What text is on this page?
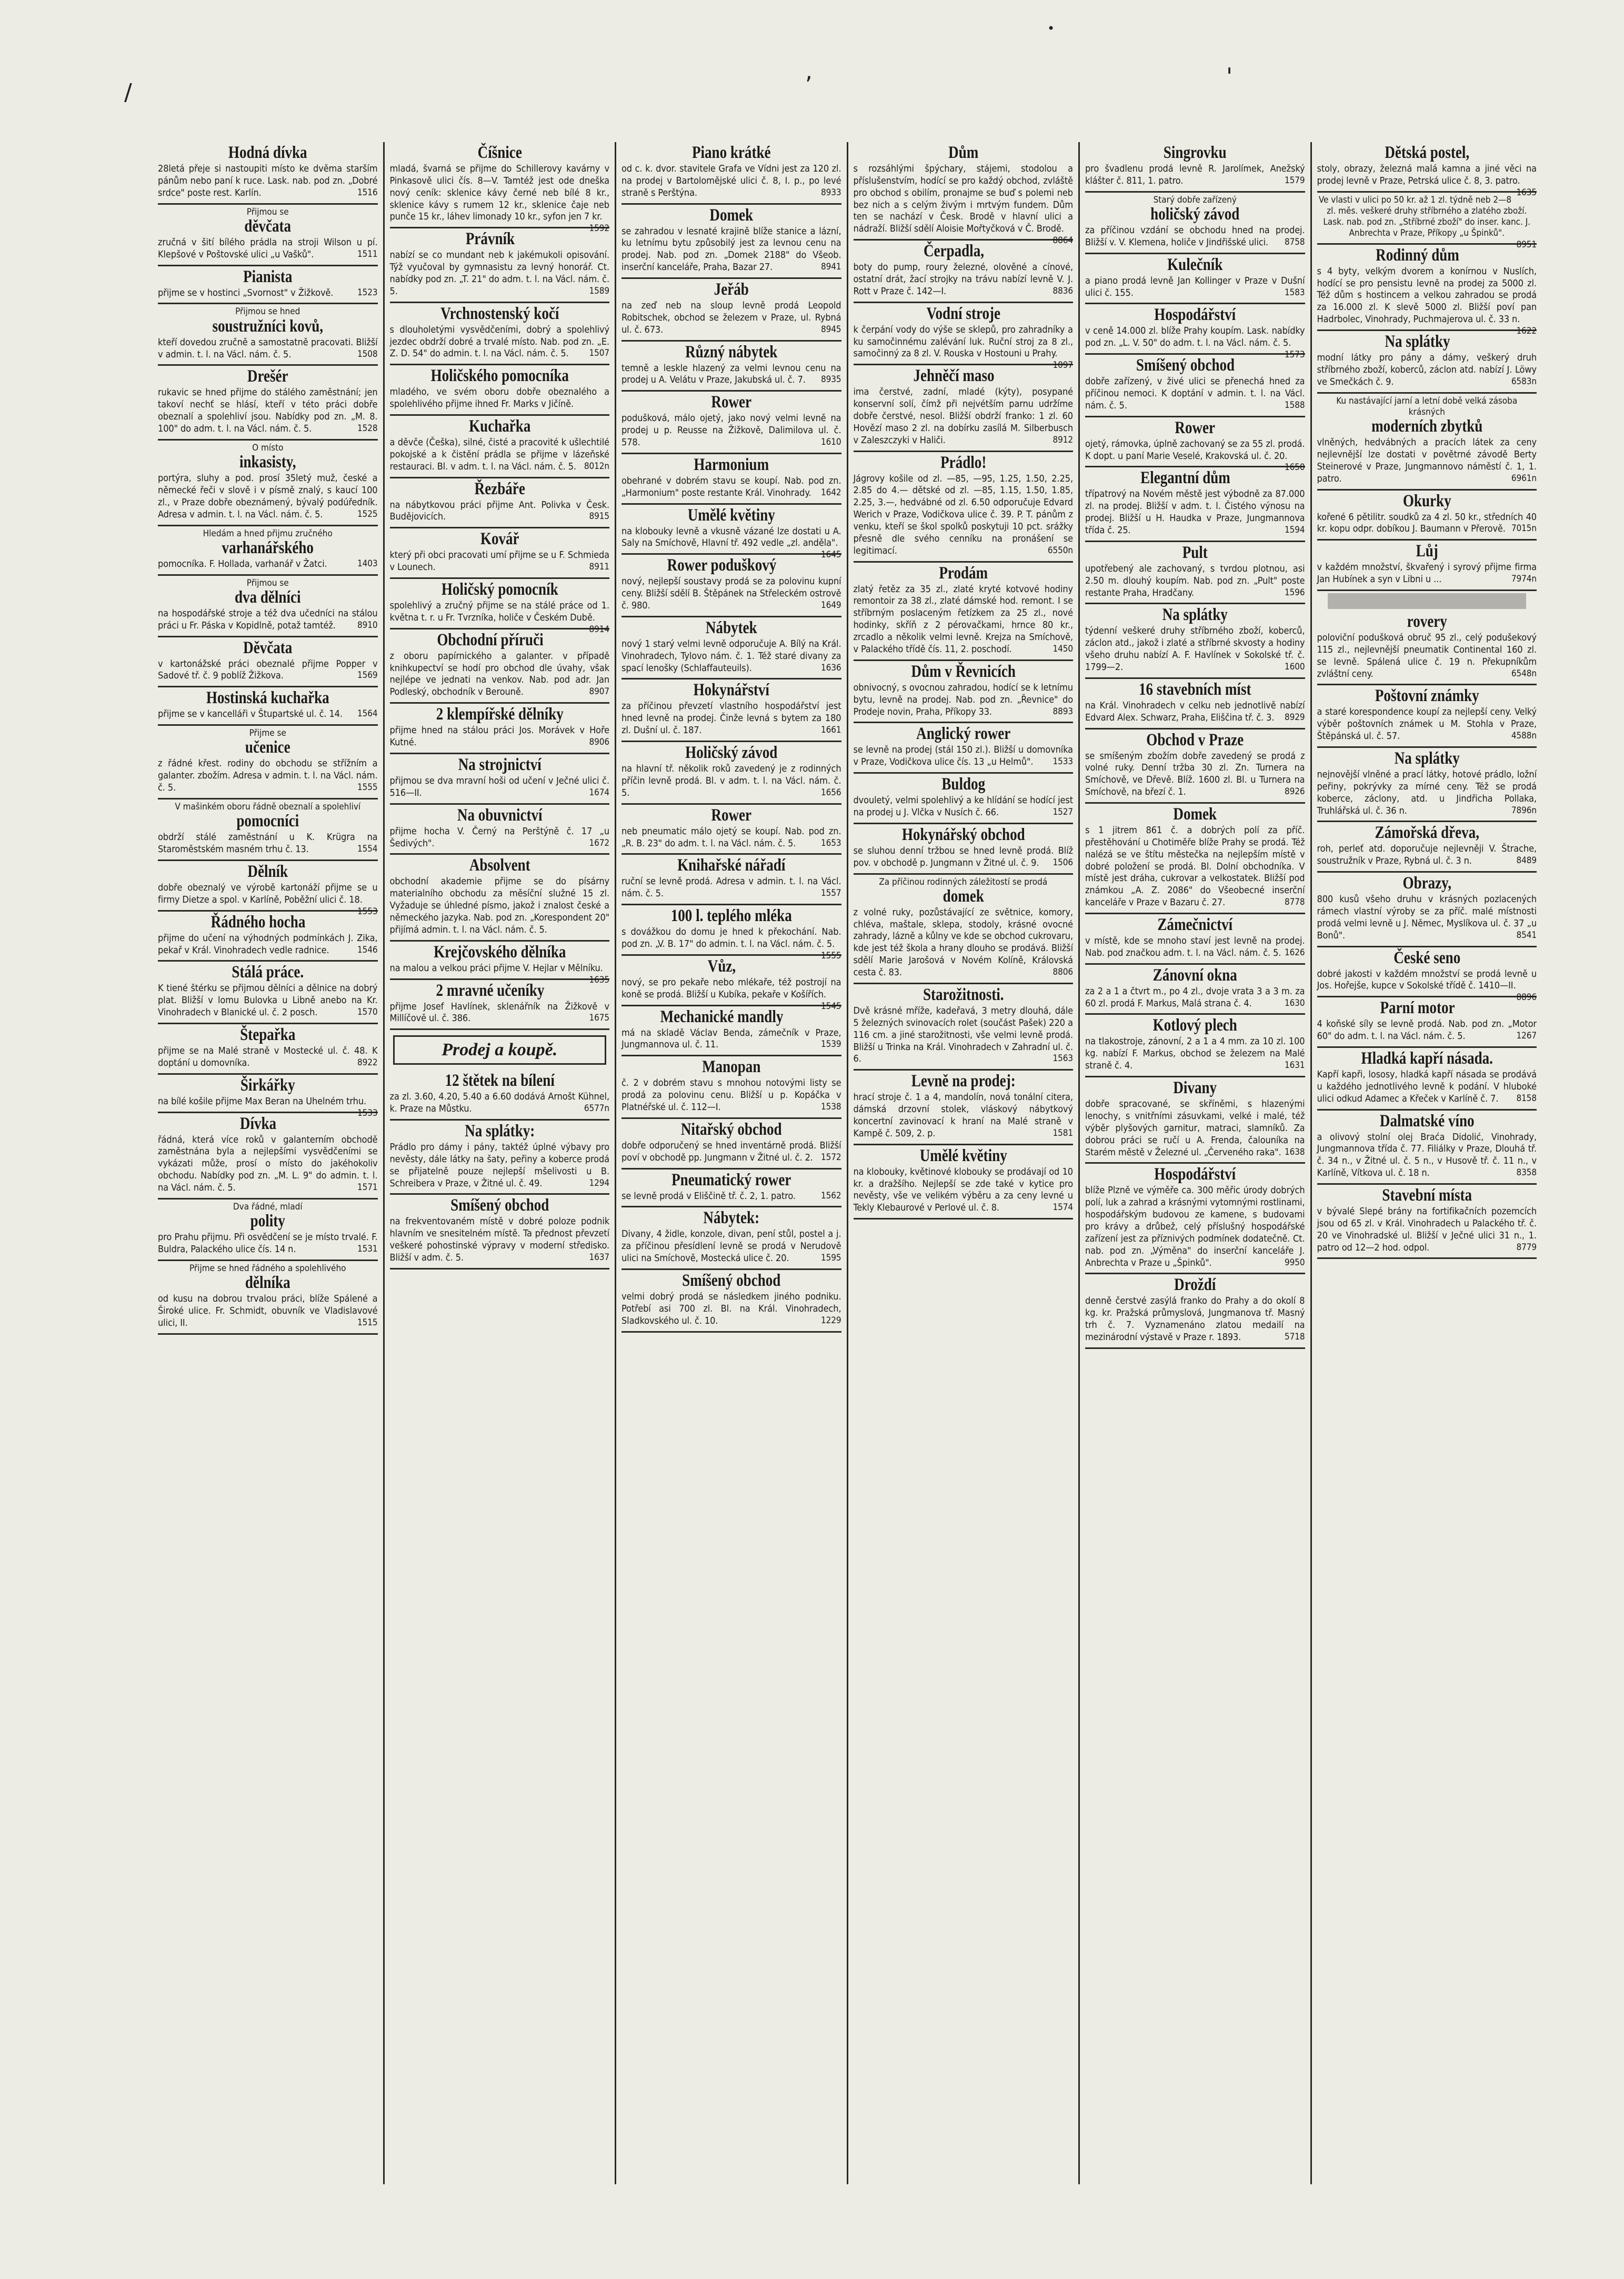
/
,	'
•
Hodná dívka

28letá přeje si nastoupiti místo ke dvěma starším pánům nebo paní k ruce. Lask. nab. pod zn. „Dobré srdce" poste rest. Karlín.	1516

Přijmou se
děvčata

zručná v šití bílého prádla na stroji Wilson u pí. Klepšové v Poštovské ulici „u Vašků".	1511

Pianista

přijme se v hostinci „Svornost" v Žižkově.	1523

Přijmou se hned
soustružníci kovů,

kteří dovedou zručně a samostatně pracovati. Bližší v admin. t. l. na Václ. nám. č. 5.	1508

Drešér

rukavic se hned přijme do stálého zaměstnání; jen takoví nechť se hlásí, kteří v této práci dobře obeznalí a spolehliví jsou. Nabídky pod zn. „M. 8. 100" do adm. t. l. na Václ. nám. č. 5.	1528

O místo
inkasisty,

portýra, sluhy a pod. prosí 35letý muž, české a německé řeči v slově i v písmě znalý, s kaucí 100 zl., v Praze dobře obeznámený, bývalý podúředník. Adresa v admin. t. l. na Václ. nám. č. 5.	1525

Hledám a hned přijmu zručného
varhanářského

pomocníka. F. Hollada, varhanář v Žatci.	1403

Přijmou se
dva dělníci

na hospodářské stroje a též dva učedníci na stálou práci u Fr. Páska v Kopidlně, potaž tamtéž.	8910

Děvčata

v kartonážské práci obeznalé přijme Popper v Sadové tř. č. 9 poblíž Žižkova.	1569

Hostinská kuchařka

přijme se v kancelláři v Štupartské ul. č. 14.	1564

Přijme se
učenice

z řádné křest. rodiny do obchodu se střížním a galanter. zbožím. Adresa v admin. t. l. na Václ. nám. č. 5.	1555

V mašinkém oboru řádně obeznalí a spolehliví
pomocníci

obdrží stálé zaměstnání u K. Krügra na Staroměstském masném trhu č. 13.	1554

Dělník

dobře obeznalý ve výrobě kartonáží přijme se u firmy Dietze a spol. v Karlíně, Poběžní ulici č. 18.
1553

Řádného hocha

přijme do učení na výhodných podmínkách J. Zika, pekař v Král. Vinohradech vedle radnice.	1546

Stálá práce.

K tiené štérku se přijmou dělníci a dělnice na dobrý plat. Bližší v lomu Bulovka u Libně anebo na Kr. Vinohradech v Blanické ul. č. 2 posch.	1570

Štepařka

přijme se na Malé straně v Mostecké ul. č. 48. K doptání u domovníka.	8922

Širkářky

na bílé košile přijme Max Beran na Uhelném trhu.
1533

Dívka

řádná, která více roků v galanterním obchodě zaměstnána byla a nejlepšími vysvědčeními se vykázati může, prosí o místo do jakéhokoliv obchodu. Nabídky pod zn. „M. L. 9" do admin. t. l. na Václ. nám. č. 5.	1571

Dva řádné, mladí
polity

pro Prahu přijmu. Při osvědčení se je místo trvalé. F. Buldra, Palackého ulice čís. 14 n.	1531

Přijme se hned řádného a spolehlivého
dělníka

od kusu na dobrou trvalou práci, blíže Spálené a Široké ulice. Fr. Schmidt, obuvník ve Vladislavové ulici, II.	1515

Číšnice

mladá, švarná se přijme do Schillerovy kavárny v Pinkasově ulici čís. 8—V. Tamtéž jest ode dneška nový ceník: sklenice kávy černé neb bílé 8 kr., sklenice kávy s rumem 12 kr., sklenice čaje neb punče 15 kr., láhev limonady 10 kr., syfon jen 7 kr.
1592

Právník

nabízí se co mundant neb k jakémukoli opisování. Týž vyučoval by gymnasistu za levný honorář. Ct. nabídky pod zn. „T. 21" do adm. t. l. na Václ. nám. č. 5.	1589

Vrchnostenský kočí

s dlouholetými vysvědčeními, dobrý a spolehlivý jezdec obdrží dobré a trvalé místo. Nab. pod zn. „E. Z. D. 54" do admin. t. l. na Václ. nám. č. 5.	1507

Holičského pomocníka

mladého, ve svém oboru dobře obeznalého a spolehlivého přijme ihned Fr. Marks v Jičíně.

Kuchařka

a děvče (Češka), silné, čisté a pracovité k ušlechtilé pokojské a k čistění prádla se přijme v lázeňské restauraci. Bl. v adm. t. l. na Václ. nám. č. 5. 8012n

Řezbáře

na nábytkovou práci přijme Ant. Polivka v Česk. Budějovicích.	8915

Kovář

který při obci pracovati umí přijme se u F. Schmieda v Lounech.	8911

Holičský pomocník

spolehlivý a zručný přijme se na stálé práce od 1. května t. r. u Fr. Tvrzníka, holiče v Českém Dubě.
8914

Obchodní příruči

z oboru papírnického a galanter. v případě knihkupectví se hodí pro obchod dle úvahy, však nejlépe ve jednati na venkov. Nab. pod adr. Jan Podleský, obchodník v Berouně.	8907

2 klempířské dělníky

přijme hned na stálou práci Jos. Morávek v Hoře Kutné.	8906

Na strojnictví

přijmou se dva mravní hoši od učení v Ječné ulici č. 516—II.	1674

Na obuvnictví

přijme hocha V. Černý na Perštýně č. 17 „u Šedivých".	1672

Absolvent

obchodní akademie přijme se do písárny materialního obchodu za měsíční služné 15 zl. Vyžaduje se úhledné písmo, jakož i znalost české a německého jazyka. Nab. pod zn. „Korespondent 20" přijímá admin. t. l. na Václ. nám. č. 5.

Krejčovského dělníka

na malou a velkou práci přijme V. Hejlar v Mělníku.
1635

2 mravné učeníky

přijme Josef Havlínek, sklenářník na Žižkově v Millíčově ul. č. 386.	1675

Prodej a koupě.
12 štětek na bílení

za zl. 3.60, 4.20, 5.40 a 6.60 dodává Arnošt Kühnel, k. Praze na Můstku.	6577n

Na splátky:

Prádlo pro dámy i pány, taktéž úplné výbavy pro nevěsty, dále látky na šaty, peřiny a koberce prodá se přijatelně pouze nejlepší mšelivosti u B. Schreibera v Praze, v Žitné ul. č. 49.	1294

Smíšený obchod

na frekventovaném místě v dobré poloze podnik hlavním ve snesitelném místě. Ta přednost převzetí veškeré pohostinské výpravy v moderní středisko. Bližší v adm. č. 5.	1637

Piano krátké

od c. k. dvor. stavitele Grafa ve Vídni jest za 120 zl. na prodej v Bartolomějské ulici č. 8, I. p., po levé straně s Perštýna.	8933

Domek

se zahradou v lesnaté krajině blíže stanice a lázní, ku letnímu bytu způsobilý jest za levnou cenu na prodej. Nab. pod zn. „Domek 2188" do Všeob. inserční kanceláře, Praha, Bazar 27.	8941

Jeřáb

na zeď neb na sloup levně prodá Leopold Robitschek, obchod se železem v Praze, ul. Rybná ul. č. 673.	8945

Různý nábytek

temně a leskle hlazený za velmi levnou cenu na prodej u A. Velátu v Praze, Jakubská ul. č. 7.	8935

Rower

podušková, málo ojetý, jako nový velmi levně na prodej u p. Reusse na Žižkově, Dalimilova ul. č. 578.	1610

Harmonium

obehrané v dobrém stavu se koupí. Nab. pod zn. „Harmonium" poste restante Král. Vinohrady.	1642

Umělé květiny

na klobouky levně a vkusně vázané lze dostati u A. Saly na Smíchově, Hlavní tř. 492 vedle „zl. anděla".
1645

Rower poduškový

nový, nejlepší soustavy prodá se za polovinu kupní ceny. Bližší sdělí B. Štěpánek na Střeleckém ostrově č. 980.	1649

Nábytek

nový 1 starý velmi levně odporučuje A. Bílý na Král. Vinohradech, Tylovo nám. č. 1. Též staré divany za spací lenošky (Schlaffauteuils).	1636

Hokynářství

za příčinou převzetí vlastního hospodářství jest hned levně na prodej. Činže levná s bytem za 180 zl. Dušní ul. č. 187.	1661

Holičský závod

na hlavní tř. několik roků zavedený je z rodinných příčin levně prodá. Bl. v adm. t. l. na Václ. nám. č. 5.	1656

Rower

neb pneumatic málo ojetý se koupí. Nab. pod zn. „R. B. 23" do adm. t. l. na Václ. nám. č. 5.	1653

Knihařské nářadí

ruční se levně prodá. Adresa v admin. t. l. na Václ. nám. č. 5.	1557

100 l. teplého mléka

s dovážkou do domu je hned k překochání. Nab. pod zn. „V. B. 17" do admin. t. l. na Václ. nám. č. 5.
1555

Vůz,

nový, se pro pekaře nebo mlékaře, též postrojí na koně se prodá. Bližší u Kubíka, pekaře v Košířích.
1545

Mechanické mandly

má na skladě Václav Benda, zámečník v Praze, Jungmannova ul. č. 11.	1539

Manopan

č. 2 v dobrém stavu s mnohou notovými listy se prodá za polovinu cenu. Bližší u p. Kopáčka v Platnéřské ul. č. 112—I.	1538

Nitařský obchod

dobře odporučený se hned inventárně prodá. Bližší poví v obchodě pp. Jungmann v Žitné ul. č. 2. 1572

Pneumatický rower

se levně prodá v Eliščině tř. č. 2, 1. patro.	1562

Nábytek:

Divany, 4 židle, konzole, divan, pení stůl, postel a j. za příčinou přesídlení levně se prodá v Nerudově ulici na Smíchově, Mostecká ulice č. 20.	1595

Smíšený obchod

velmi dobrý prodá se následkem jiného podniku. Potřebí asi 700 zl. Bl. na Král. Vinohradech, Sladkovského ul. č. 10.	1229

Dům

s rozsáhlými špýchary, stájemi, stodolou a příslušenstvím, hodící se pro každý obchod, zvláště pro obchod s obilím, pronajme se buď s polemi neb bez nich a s celým živým i mrtvým fundem. Dům ten se nachází v Česk. Brodě v hlavní ulici a nádraží. Bližší sdělí Aloisie Mořtyčková v Č. Brodě.
8864

Čerpadla,

boty do pump, roury železné, olověné a cínové, ostatní drát, žací strojky na trávu nabízí levně V. J. Rott v Praze č. 142—I.	8836

Vodní stroje

k čerpání vody do výše se sklepů, pro zahradníky a ku samočinnému zalévání luk. Ruční stroj za 8 zl., samočinný za 8 zl. V. Rouska v Hostouni u Prahy.
1097

Jehněčí maso

ima čerstvé, zadní, mladé (kýty), posypané konservní solí, čímž při nejvétším parnu udržíme dobře čerstvé, nesol. Bližší obdrží franko: 1 zl. 60 Hovězí maso 2 zl. na dobírku zasílá M. Silberbusch v Zaleszczyki v Haliči.	8912

Prádlo!

Jágrovy košile od zl. —85, —95, 1.25, 1.50, 2.25, 2.85 do 4.— dětské od zl. —85, 1.15, 1.50, 1.85, 2.25, 3.—, hedvábné od zl. 6.50 odporučuje Edvard Werich v Praze, Vodičkova ulice č. 39. P. T. pánům z venku, kteří se škol spolků poskytuji 10 pct. srážky přesně dle svého cenníku na pronášení se legitimací.	6550n

Prodám

zlatý řetěz za 35 zl., zlaté kryté kotvové hodiny remontoir za 38 zl., zlaté dámské hod. remont. I se stříbrným poslaceným řetízkem za 25 zl., nové hodinky, skříň z 2 pérovačkami, hrnce 80 kr., zrcadlo a několik velmi levně. Krejza na Smíchově, v Palackého třídě čís. 11, 2. poschodí.	1450

Dům v Řevnicích

obnivocný, s ovocnou zahradou, hodící se k letnímu bytu, levně na prodej. Nab. pod zn. „Řevnice" do Prodeje novin, Praha, Příkopy 33.	8893

Anglický rower

se levně na prodej (stál 150 zl.). Bližší u domovníka v Praze, Vodičkova ulice čís. 13 „u Helmů".	1533

Buldog

dvouletý, velmi spolehlivý a ke hlídání se hodící jest na prodej u J. Vlčka v Nusích č. 66.	1527

Hokynářský obchod

se sluhou denní tržbou se hned levně prodá. Blíž pov. v obchodě p. Jungmann v Žitné ul. č. 9.	1506

Za příčinou rodinných záležitostí se prodá
domek

z volné ruky, pozůstávající ze světnice, komory, chléva, maštale, sklepa, stodoly, krásné ovocné zahrady, lázně a kůlny ve kde se obchod cukrovaru, kde jest též škola a hrany dlouho se prodává. Bližší sdělí Marie Jarošová v Novém Kolíně, Královská cesta č. 83.	8806

Starožitnosti.

Dvě krásné mříže, kadeřavá, 3 metry dlouhá, dále 5 železných svinovacích rolet (součást Pašek) 220 a 116 cm. a jiné starožitnosti, vše velmi levně prodá. Bližší u Trinka na Král. Vinohradech v Zahradní ul. č. 6.	1563

Levně na prodej:

hrací stroje č. 1 a 4, mandolín, nová tonální citera, dámská drzovní stolek, vláskový nábytkový koncertní zavinovací k hraní na Malé straně v Kampě č. 509, 2. p.	1581

Umělé květiny

na klobouky, květinové klobouky se prodávají od 10 kr. a dražšího. Nejlepší se zde také v kytice pro nevěsty, vše ve velikém výběru a za ceny levné u Tekly Klebaurové v Perlové ul. č. 8.	1574

Singrovku

pro švadlenu prodá levně R. Jarolímek, Anežský klášter č. 811, 1. patro.	1579

Starý dobře zařízený
holičský závod

za příčinou vzdání se obchodu hned na prodej. Bližší v. V. Klemena, holiče v Jindřišské ulici.	8758

Kulečník

a piano prodá levně Jan Kollinger v Praze v Dušní ulici č. 155.	1583

Hospodářství

v ceně 14.000 zl. blíže Prahy koupím. Lask. nabídky pod zn. „L. V. 50" do adm. t. l. na Václ. nám. č. 5.
1573

Smíšený obchod

dobře zařízený, v živé ulici se přenechá hned za příčinou nemoci. K doptání v admin. t. l. na Václ. nám. č. 5.	1588

Rower

ojetý, rámovka, úplně zachovaný se za 55 zl. prodá. K dopt. u paní Marie Veselé, Krakovská ul. č. 20.
1650

Elegantní dům

třípatrový na Novém městě jest výbodně za 87.000 zl. na prodej. Bližší v adm. t. l. Čistého výnosu na prodej. Bližší u H. Haudka v Praze, Jungmannova třída č. 25.	1594

Pult

upotřebený ale zachovaný, s tvrdou plotnou, asi 2.50 m. dlouhý koupím. Nab. pod zn. „Pult" poste restante Praha, Hradčany.	1596

Na splátky

týdenní veškeré druhy stříbrného zboží, koberců, záclon atd., jakož i zlaté a stříbrné skvosty a hodiny všeho druhu nabízí A. F. Havlínek v Sokolské tř. č. 1799—2.	1600

16 stavebních míst

na Král. Vinohradech v celku neb jednotlivě nabízí Edvard Alex. Schwarz, Praha, Eliščina tř. č. 3.	8929

Obchod v Praze

se smíšeným zbožím dobře zavedený se prodá z volné ruky. Denní tržba 30 zl. Zn. Turnera na Smíchově, ve Dřevě. Blíž. 1600 zl. Bl. u Turnera na Smíchově, na březí č. 1.	8926

Domek

s 1 jitrem 861 č. a dobrých polí za příč. přestěhování u Chotiměře blíže Prahy se prodá. Též nalézá se ve štítu městečka na nejlepším místě v dobré položení se prodá. Bl. Dolní obchodníka. V místě jest dráha, cukrovar a velkostatek. Bližší pod známkou „A. Z. 2086" do Všeobecné inserční kanceláře v Praze v Bazaru č. 27.	8778

Zámečnictví

v místě, kde se mnoho staví jest levně na prodej. Nab. pod značkou adm. t. l. na Václ. nám. č. 5. 1626

Zánovní okna

za 2 a 1 a čtvrt m., po 4 zl., dvoje vrata 3 a 3 m. za 60 zl. prodá F. Markus, Malá strana č. 4.	1630

Kotlový plech

na tlakostroje, zánovní, 2 a 1 a 4 mm. za 10 zl. 100 kg. nabízí F. Markus, obchod se železem na Malé straně č. 4.	1631

Divany

dobře spracované, se skříněmi, s hlazenými lenochy, s vnitřními zásuvkami, velké i malé, též výběr plyšových garnitur, matraci, slamníků. Za dobrou práci se ručí u A. Frenda, čalouníka na Starém městě v Železné ul. „Červeného raka". 1638

Hospodářství

blíže Plzně ve výměře ca. 300 měřic úrody dobrých polí, luk a zahrad a krásnými vytomnými rostlinami, hospodářským budovou ze kamene, s budovami pro krávy a drůbež, celý příslušný hospodářské zařízení jest za příznivých podmínek dodatečně. Ct. nab. pod zn. „Výměna" do inserční kanceláře J. Anbrechta v Praze u „Špinků".	9950

Droždí

denně čerstvé zasýlá franko do Prahy a do okolí 8 kg. kr. Pražská průmyslová, Jungmanova tř. Masný trh č. 7. Vyznamenáno zlatou medailí na mezinárodní výstavě v Praze r. 1893.	5718

Dětská postel,

stoly, obrazy, železná malá kamna a jiné věci na prodej levně v Praze, Petrská ulice č. 8, 3. patro.
1635

Ve vlasti v ulici po 50 kr. až 1 zl. týdně neb 2—8 zl. měs. veškeré druhy stříbrného a zlatého zboží. Lask. nab. pod zn. „Stříbrné zboží" do inser. kanc. J. Anbrechta v Praze, Příkopy „u Špinků".

8951

Rodinný dům

s 4 byty, velkým dvorem a konírnou v Nuslích, hodící se pro pensistu levně na prodej za 5000 zl. Též dům s hostincem a velkou zahradou se prodá za 16.000 zl. K slevě 5000 zl. Bližší poví pan Hadrbolec, Vinohrady, Puchmajerova ul. č. 33 n.
1622

Na splátky

modní látky pro pány a dámy, veškerý druh stříbrného zboží, koberců, záclon atd. nabízí J. Löwy ve Smečkách č. 9.	6583n

Ku nastávající jarní a letní době velká zásoba krásných
moderních zbytků

vlněných, hedvábných a pracích látek za ceny nejlevnější lze dostati v povětrné závodě Berty Steinerové v Praze, Jungmannovo náměstí č. 1, 1. patro.	6961n

Okurky

kořené 6 pětilitr. soudků za 4 zl. 50 kr., středních 40 kr. kopu odpr. dobíkou J. Baumann v Přerově. 7015n

Lůj

v každém množství, škvařený i syrový přijme firma Jan Hubínek a syn v Libni u ...	7974n

rovery

poloviční podušková obruč 95 zl., celý podušekový 115 zl., nejlevnější pneumatik Continental 160 zl. se levně. Spálená ulice č. 19 n. Překupníkům zvláštní ceny.	6548n

Poštovní známky

a staré korespondence koupí za nejlepší ceny. Velký výběr poštovních známek u M. Stohla v Praze, Štěpánská ul. č. 57.	4588n

Na splátky

nejnovější vlněné a prací látky, hotové prádlo, ložní peřiny, pokrývky za mírné ceny. Též se prodá koberce, záclony, atd. u Jindřicha Pollaka, Truhlářská ul. č. 36 n.	7896n

Zámořská dřeva,

roh, perleť atd. doporučuje nejlevněji V. Štrache, soustružník v Praze, Rybná ul. č. 3 n.	8489

Obrazy,

800 kusů všeho druhu v krásných pozlacených rámech vlastní výroby se za příč. malé místnosti prodá velmi levně u J. Němec, Myslíkova ul. č. 37 „u Bonů".	8541

České seno

dobré jakosti v každém množství se prodá levně u Jos. Hořejše, kupce v Sokolské třídě č. 1410—II.
8896

Parní motor

4 koňské síly se levně prodá. Nab. pod zn. „Motor 60" do adm. t. l. na Václ. nám. č. 5.	1267

Hladká kapří násada.

Kapří kapři, lososy, hladká kapří násada se prodává u každého jednotlivého levně k podání. V hluboké ulici odkud Adamec a Křeček v Karlíně č. 7.	8158

Dalmatské víno

a olivový stolní olej Braća Didolić, Vinohrady, Jungmannova třída č. 77. Filiálky v Praze, Dlouhá tř. č. 34 n., v Žitné ul. č. 5 n., v Husově tř. č. 11 n., v Karlíně, Vítkova ul. č. 18 n.	8358

Stavební místa

v bývalé Slepé brány na fortifikačních pozemcích jsou od 65 zl. v Král. Vinohradech u Palackého tř. č. 20 ve Vinohradské ul. Bližší v Ječné ulici 31 n., 1. patro od 12—2 hod. odpol.	8779
